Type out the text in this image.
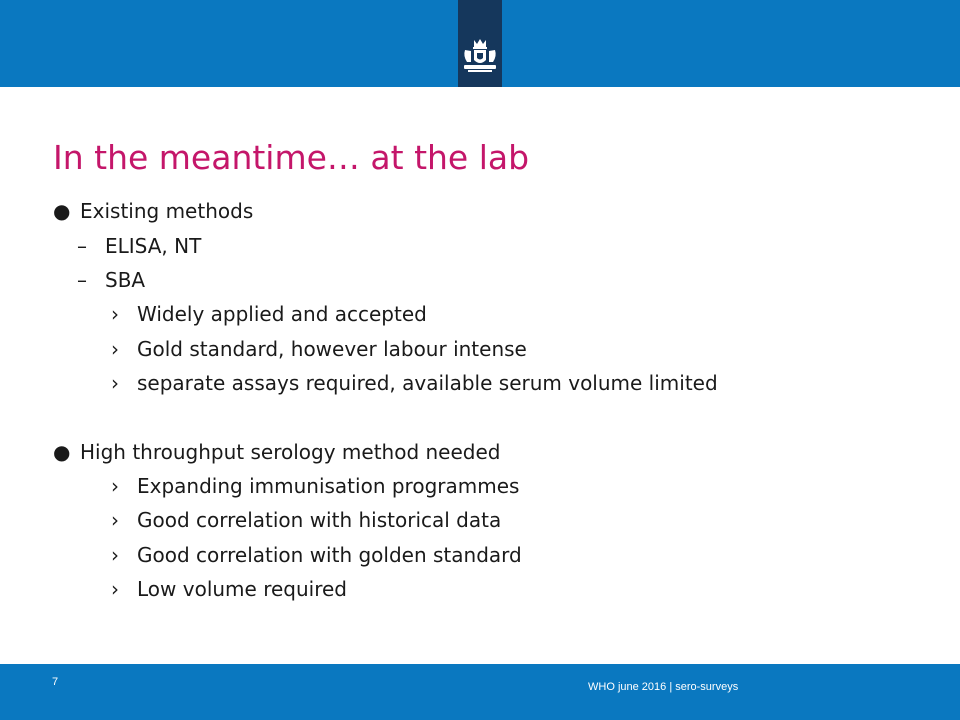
In the meantime… at the lab
● Existing methods
– ELISA, NT
– SBA
› Widely applied and accepted
› Gold standard, however labour intense
› separate assays required, available serum volume limited
● High throughput serology method needed
› Expanding immunisation programmes
› Good correlation with historical data
› Good correlation with golden standard
› Low volume required
7	WHO june 2016 | sero-surveys
